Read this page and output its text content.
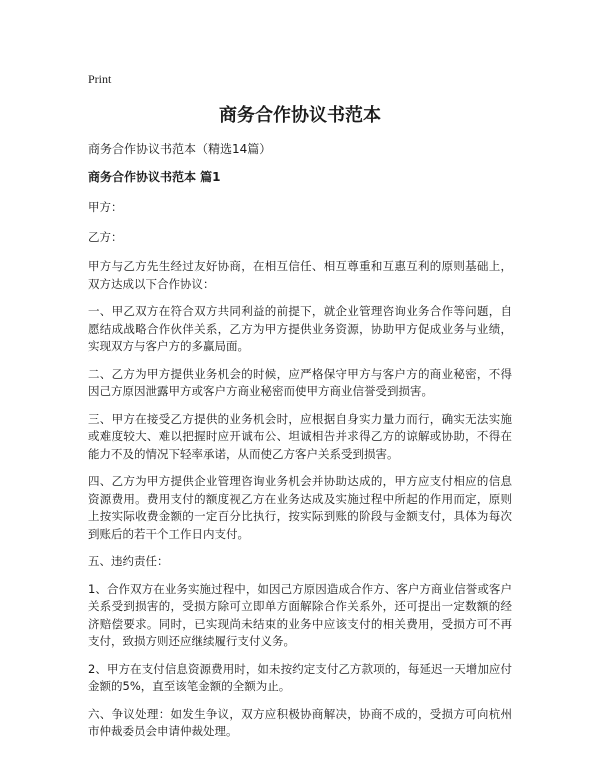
Print
商务合作协议书范本
商务合作协议书范本（精选14篇）
商务合作协议书范本 篇1
甲方：
乙方：
甲方与乙方先生经过友好协商，在相互信任、相互尊重和互惠互利的原则基础上，双方达成以下合作协议：
一、甲乙双方在符合双方共同利益的前提下，就企业管理咨询业务合作等问题，自愿结成战略合作伙伴关系，乙方为甲方提供业务资源，协助甲方促成业务与业绩，实现双方与客户方的多赢局面。
二、乙方为甲方提供业务机会的时候，应严格保守甲方与客户方的商业秘密，不得因己方原因泄露甲方或客户方商业秘密而使甲方商业信誉受到损害。
三、甲方在接受乙方提供的业务机会时，应根据自身实力量力而行，确实无法实施或难度较大、难以把握时应开诚布公、坦诚相告并求得乙方的谅解或协助，不得在能力不及的情况下轻率承诺，从而使乙方客户关系受到损害。
四、乙方为甲方提供企业管理咨询业务机会并协助达成的，甲方应支付相应的信息资源费用。费用支付的额度视乙方在业务达成及实施过程中所起的作用而定，原则上按实际收费金额的一定百分比执行，按实际到账的阶段与金额支付，具体为每次到账后的若干个工作日内支付。
五、违约责任：
1、合作双方在业务实施过程中，如因己方原因造成合作方、客户方商业信誉或客户关系受到损害的，受损方除可立即单方面解除合作关系外，还可提出一定数额的经济赔偿要求。同时，已实现尚未结束的业务中应该支付的相关费用，受损方可不再支付，致损方则还应继续履行支付义务。
2、甲方在支付信息资源费用时，如未按约定支付乙方款项的，每延迟一天增加应付金额的5%，直至该笔金额的全额为止。
六、争议处理：如发生争议，双方应积极协商解决，协商不成的，受损方可向杭州市仲裁委员会申请仲裁处理。
